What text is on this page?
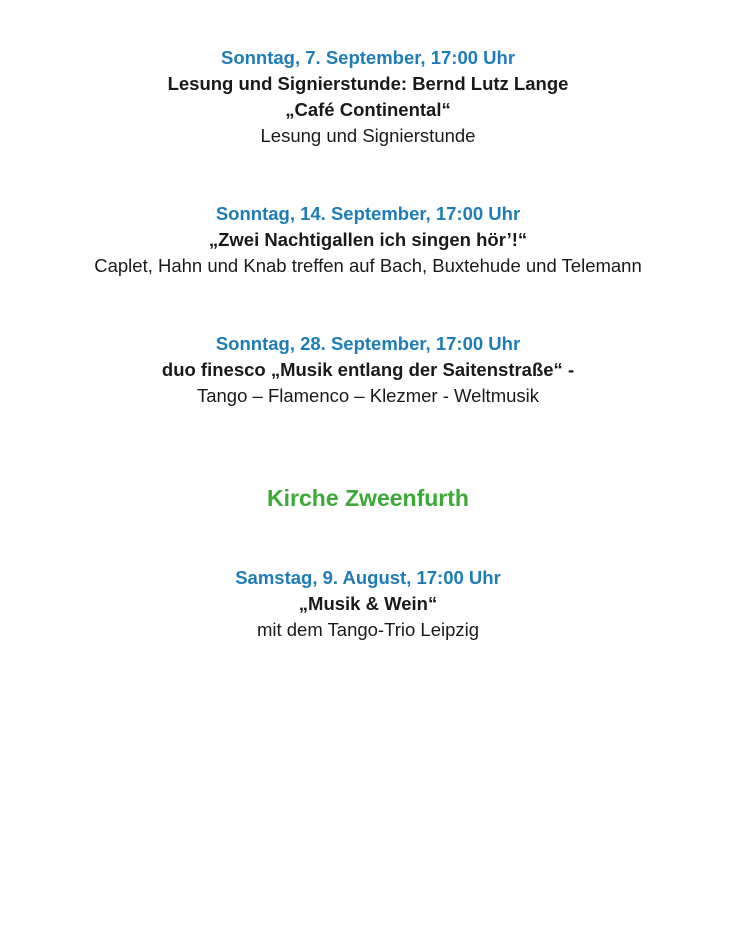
Sonntag, 7. September, 17:00 Uhr
Lesung und Signierstunde: Bernd Lutz Lange
„Café Continental“
Lesung und Signierstunde
Sonntag, 14. September, 17:00 Uhr
„Zwei Nachtigallen ich singen hör’!“
Caplet, Hahn und Knab treffen auf Bach, Buxtehude und Telemann
Sonntag, 28. September, 17:00 Uhr
duo finesco „Musik entlang der Saitenstraße“ -
Tango – Flamenco – Klezmer - Weltmusik
Kirche Zweenfurth
Samstag, 9. August, 17:00 Uhr
„Musik & Wein“
mit dem Tango-Trio Leipzig
